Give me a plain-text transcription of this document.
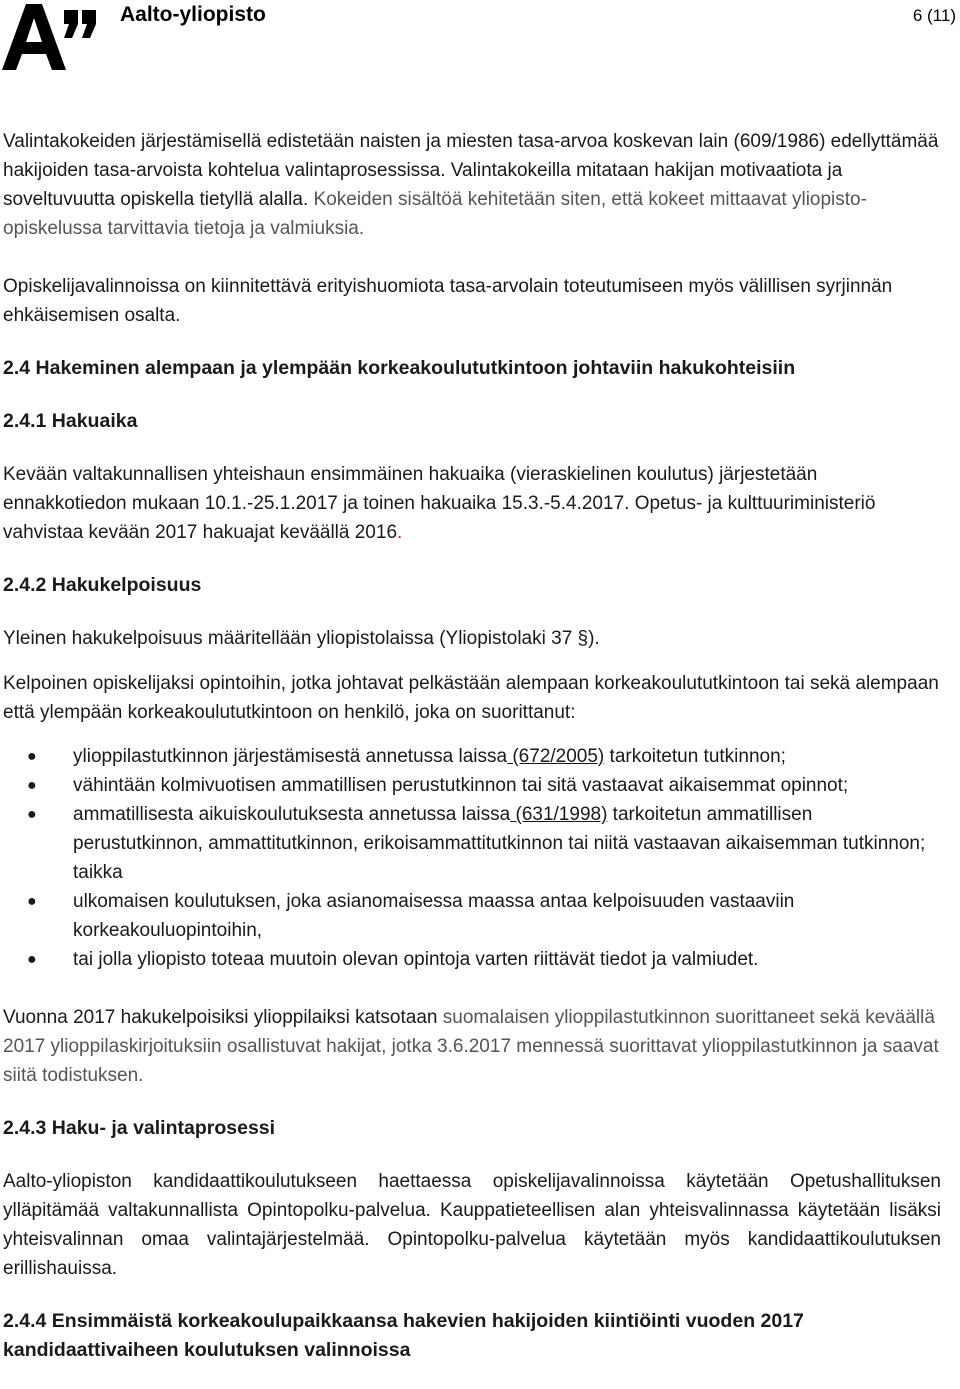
Aalto-yliopisto	6 (11)

Valintakokeiden järjestämisellä edistetään naisten ja miesten tasa-arvoa koskevan lain (609/1986) edellyttämää hakijoiden tasa-arvoista kohtelua valintaprosessissa. Valintakokeilla mitataan hakijan motivaatiota ja soveltuvuutta opiskella tietyllä alalla. Kokeiden sisältöä kehitetään siten, että kokeet mittaavat yliopisto-opiskelussa tarvittavia tietoja ja valmiuksia.

Opiskelijavalinnoissa on kiinnitettävä erityishuomiota tasa-arvolain toteutumiseen myös välillisen syrjinnän ehkäisemisen osalta.

2.4 Hakeminen alempaan ja ylempään korkeakoulututkintoon johtaviin hakukohteisiin
2.4.1 Hakuaika

Kevään valtakunnallisen yhteishaun ensimmäinen hakuaika (vieraskielinen koulutus) järjestetään ennakkotiedon mukaan 10.1.-25.1.2017 ja toinen hakuaika 15.3.-5.4.2017. Opetus- ja kulttuuriministeriö vahvistaa kevään 2017 hakuajat keväällä 2016.

2.4.2 Hakukelpoisuus

Yleinen hakukelpoisuus määritellään yliopistolaissa (Yliopistolaki 37 §).

Kelpoinen opiskelijaksi opintoihin, jotka johtavat pelkästään alempaan korkeakoulututkintoon tai sekä alempaan että ylempään korkeakoulututkintoon on henkilö, joka on suorittanut:

● ylioppilastutkinnon järjestämisestä annetussa laissa (672/2005) tarkoitetun tutkinnon;
● vähintään kolmivuotisen ammatillisen perustutkinnon tai sitä vastaavat aikaisemmat opinnot;
● ammatillisesta aikuiskoulutuksesta annetussa laissa (631/1998) tarkoitetun ammatillisen perustutkinnon, ammattitutkinnon, erikoisammattitutkinnon tai niitä vastaavan aikaisemman tutkinnon; taikka
● ulkomaisen koulutuksen, joka asianomaisessa maassa antaa kelpoisuuden vastaaviin korkeakouluopintoihin,
● tai jolla yliopisto toteaa muutoin olevan opintoja varten riittävät tiedot ja valmiudet.

Vuonna 2017 hakukelpoisiksi ylioppilaiksi katsotaan suomalaisen ylioppilastutkinnon suorittaneet sekä keväällä 2017 ylioppilaskirjoituksiin osallistuvat hakijat, jotka 3.6.2017 mennessä suorittavat ylioppilastutkinnon ja saavat siitä todistuksen.

2.4.3 Haku- ja valintaprosessi

Aalto-yliopiston kandidaattikoulutukseen haettaessa opiskelijavalinnoissa käytetään Opetushallituksen ylläpitämää valtakunnallista Opintopolku-palvelua. Kauppatieteellisen alan yhteisvalinnassa käytetään lisäksi yhteisvalinnan omaa valintajärjestelmää. Opintopolku-palvelua käytetään myös kandidaattikoulutuksen erillishauissa.

2.4.4 Ensimmäistä korkeakoulupaikkaansa hakevien hakijoiden kiintiöinti vuoden 2017 kandidaattivaiheen koulutuksen valinnoissa
